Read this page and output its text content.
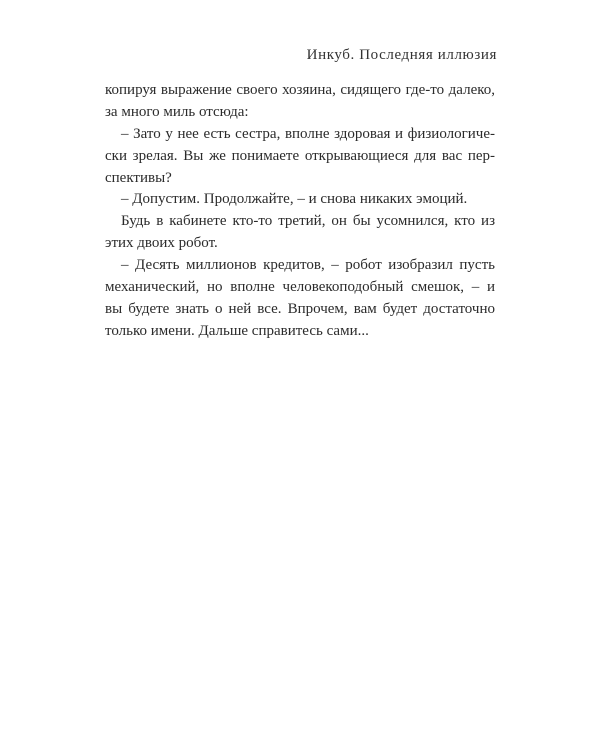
Инкуб. Последняя иллюзия
копируя выражение своего хозяина, сидящего где-то далеко,
за много миль отсюда:
– Зато у нее есть сестра, вполне здоровая и физиологиче-
ски зрелая. Вы же понимаете открывающиеся для вас пер-
спективы?
– Допустим. Продолжайте, – и снова никаких эмоций.
Будь в кабинете кто-то третий, он бы усомнился, кто из
этих двоих робот.
– Десять миллионов кредитов, – робот изобразил пусть
механический, но вполне человекоподобный смешок, – и
вы будете знать о ней все. Впрочем, вам будет достаточно
только имени. Дальше справитесь сами...
